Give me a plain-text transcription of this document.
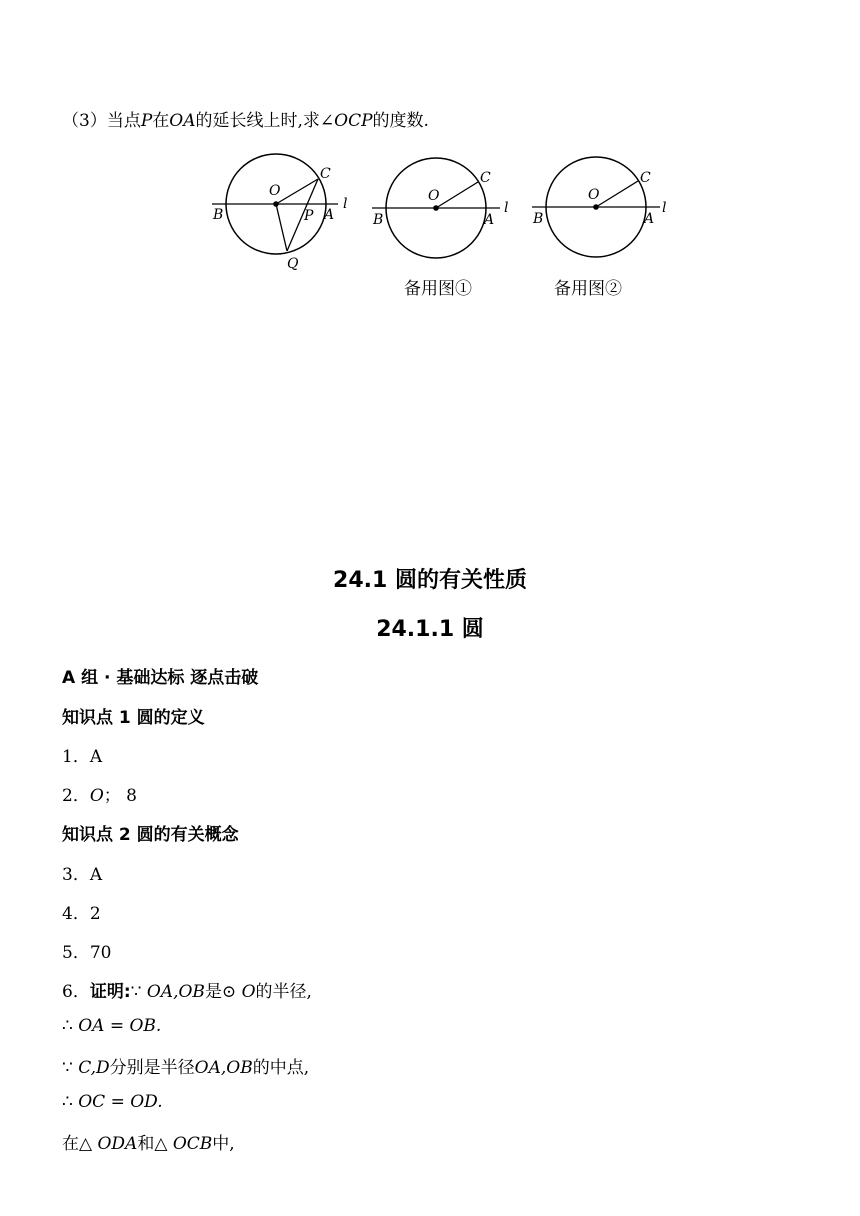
（3）当点P在OA的延长线上时,求∠OCP的度数.
O
C
B	P A
Q
l	O
C
B	A
l
备用图①
O
C
B	A
l
备用图②
24.1 圆的有关性质
24.1.1 圆
A 组 · 基础达标 逐点击破
知识点 1 圆的定义
1．A
2．O； 8
知识点 2 圆的有关概念
3．A
4．2
5．70
6．证明:∵ OA,OB是⊙ O的半径,
∴ OA = OB.
∵ C,D分别是半径OA,OB的中点,
∴ OC = OD.
在△ ODA和△ OCB中,
